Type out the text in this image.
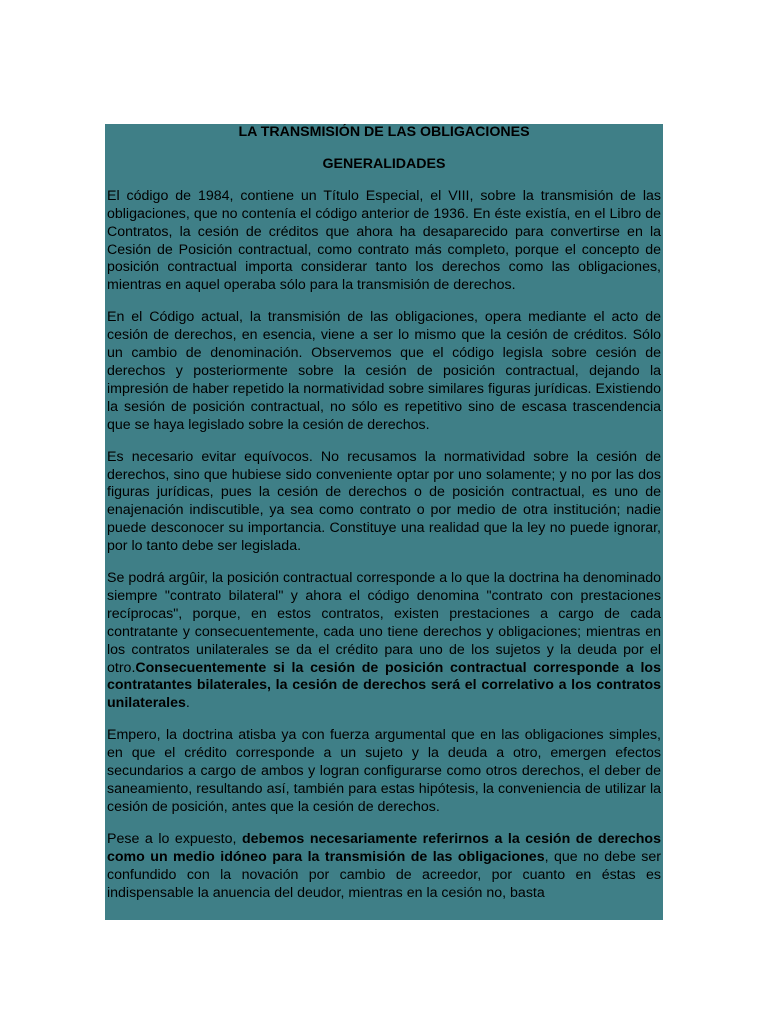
LA TRANSMISIÓN DE LAS OBLIGACIONES
GENERALIDADES

El código de 1984, contiene un Título Especial, el VIII, sobre la transmisión de las obligaciones, que no contenía el código anterior de 1936. En éste existía, en el Libro de Contratos, la cesión de créditos que ahora ha desaparecido para convertirse en la Cesión de Posición contractual, como contrato más completo, porque el concepto de posición contractual importa considerar tanto los derechos como las obligaciones, mientras en aquel operaba sólo para la transmisión de derechos.

En el Código actual, la transmisión de las obligaciones, opera mediante el acto de cesión de derechos, en esencia, viene a ser lo mismo que la cesión de créditos. Sólo un cambio de denominación. Observemos que el código legisla sobre cesión de derechos y posteriormente sobre la cesión de posición contractual, dejando la impresión de haber repetido la normatividad sobre similares figuras jurídicas. Existiendo la sesión de posición contractual, no sólo es repetitivo sino de escasa trascendencia que se haya legislado sobre la cesión de derechos.

Es necesario evitar equívocos. No recusamos la normatividad sobre la cesión de derechos, sino que hubiese sido conveniente optar por uno solamente; y no por las dos figuras jurídicas, pues la cesión de derechos o de posición contractual, es uno de enajenación indiscutible, ya sea como contrato o por medio de otra institución; nadie puede desconocer su importancia. Constituye una realidad que la ley no puede ignorar, por lo tanto debe ser legislada.

Se podrá argûir, la posición contractual corresponde a lo que la doctrina ha denominado siempre "contrato bilateral" y ahora el código denomina "contrato con prestaciones recíprocas", porque, en estos contratos, existen prestaciones a cargo de cada contratante y consecuentemente, cada uno tiene derechos y obligaciones; mientras en los contratos unilaterales se da el crédito para uno de los sujetos y la deuda por el otro.Consecuentemente si la cesión de posición contractual corresponde a los contratantes bilaterales, la cesión de derechos será el correlativo a los contratos unilaterales.

Empero, la doctrina atisba ya con fuerza argumental que en las obligaciones simples, en que el crédito corresponde a un sujeto y la deuda a otro, emergen efectos secundarios a cargo de ambos y logran configurarse como otros derechos, el deber de saneamiento, resultando así, también para estas hipótesis, la conveniencia de utilizar la cesión de posición, antes que la cesión de derechos.

Pese a lo expuesto, debemos necesariamente referirnos a la cesión de derechos como un medio idóneo para la transmisión de las obligaciones, que no debe ser confundido con la novación por cambio de acreedor, por cuanto en éstas es indispensable la anuencia del deudor, mientras en la cesión no, basta
